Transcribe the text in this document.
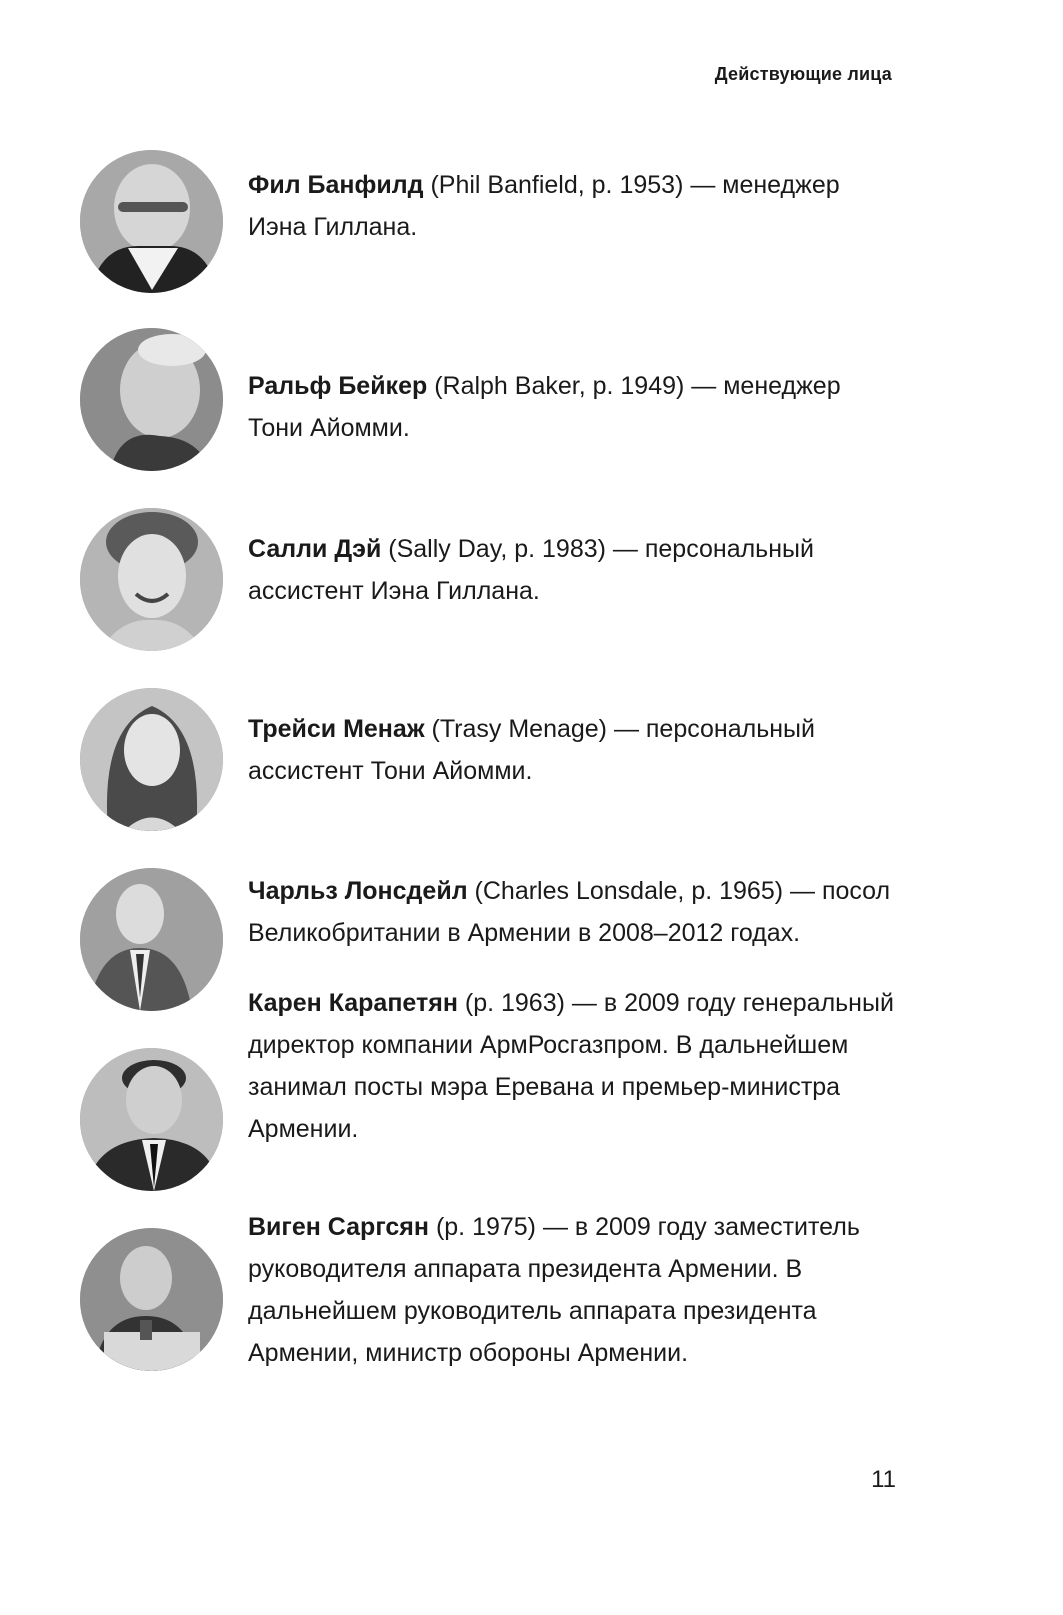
Действующие лица
Фил Банфилд (Phil Banfield, р. 1953) — менеджер Иэна Гиллана.
Ральф Бейкер (Ralph Baker, р. 1949) — менеджер Тони Айомми.
Салли Дэй (Sally Day, р. 1983) — персональный ассистент Иэна Гиллана.
Трейси Менаж (Trasy Menage) — персональный ассистент Тони Айомми.
Чарльз Лонсдейл (Charles Lonsdale, р. 1965) — посол Великобритании в Армении в 2008–2012 годах.
Карен Карапетян (р. 1963) — в 2009 году генеральный директор компании АрмРосгазпром. В дальнейшем занимал посты мэра Еревана и премьер-министра Армении.
Виген Саргсян (р. 1975) — в 2009 году заместитель руководителя аппарата президента Армении. В дальнейшем руководитель аппарата президента Армении, министр обороны Армении.
11
